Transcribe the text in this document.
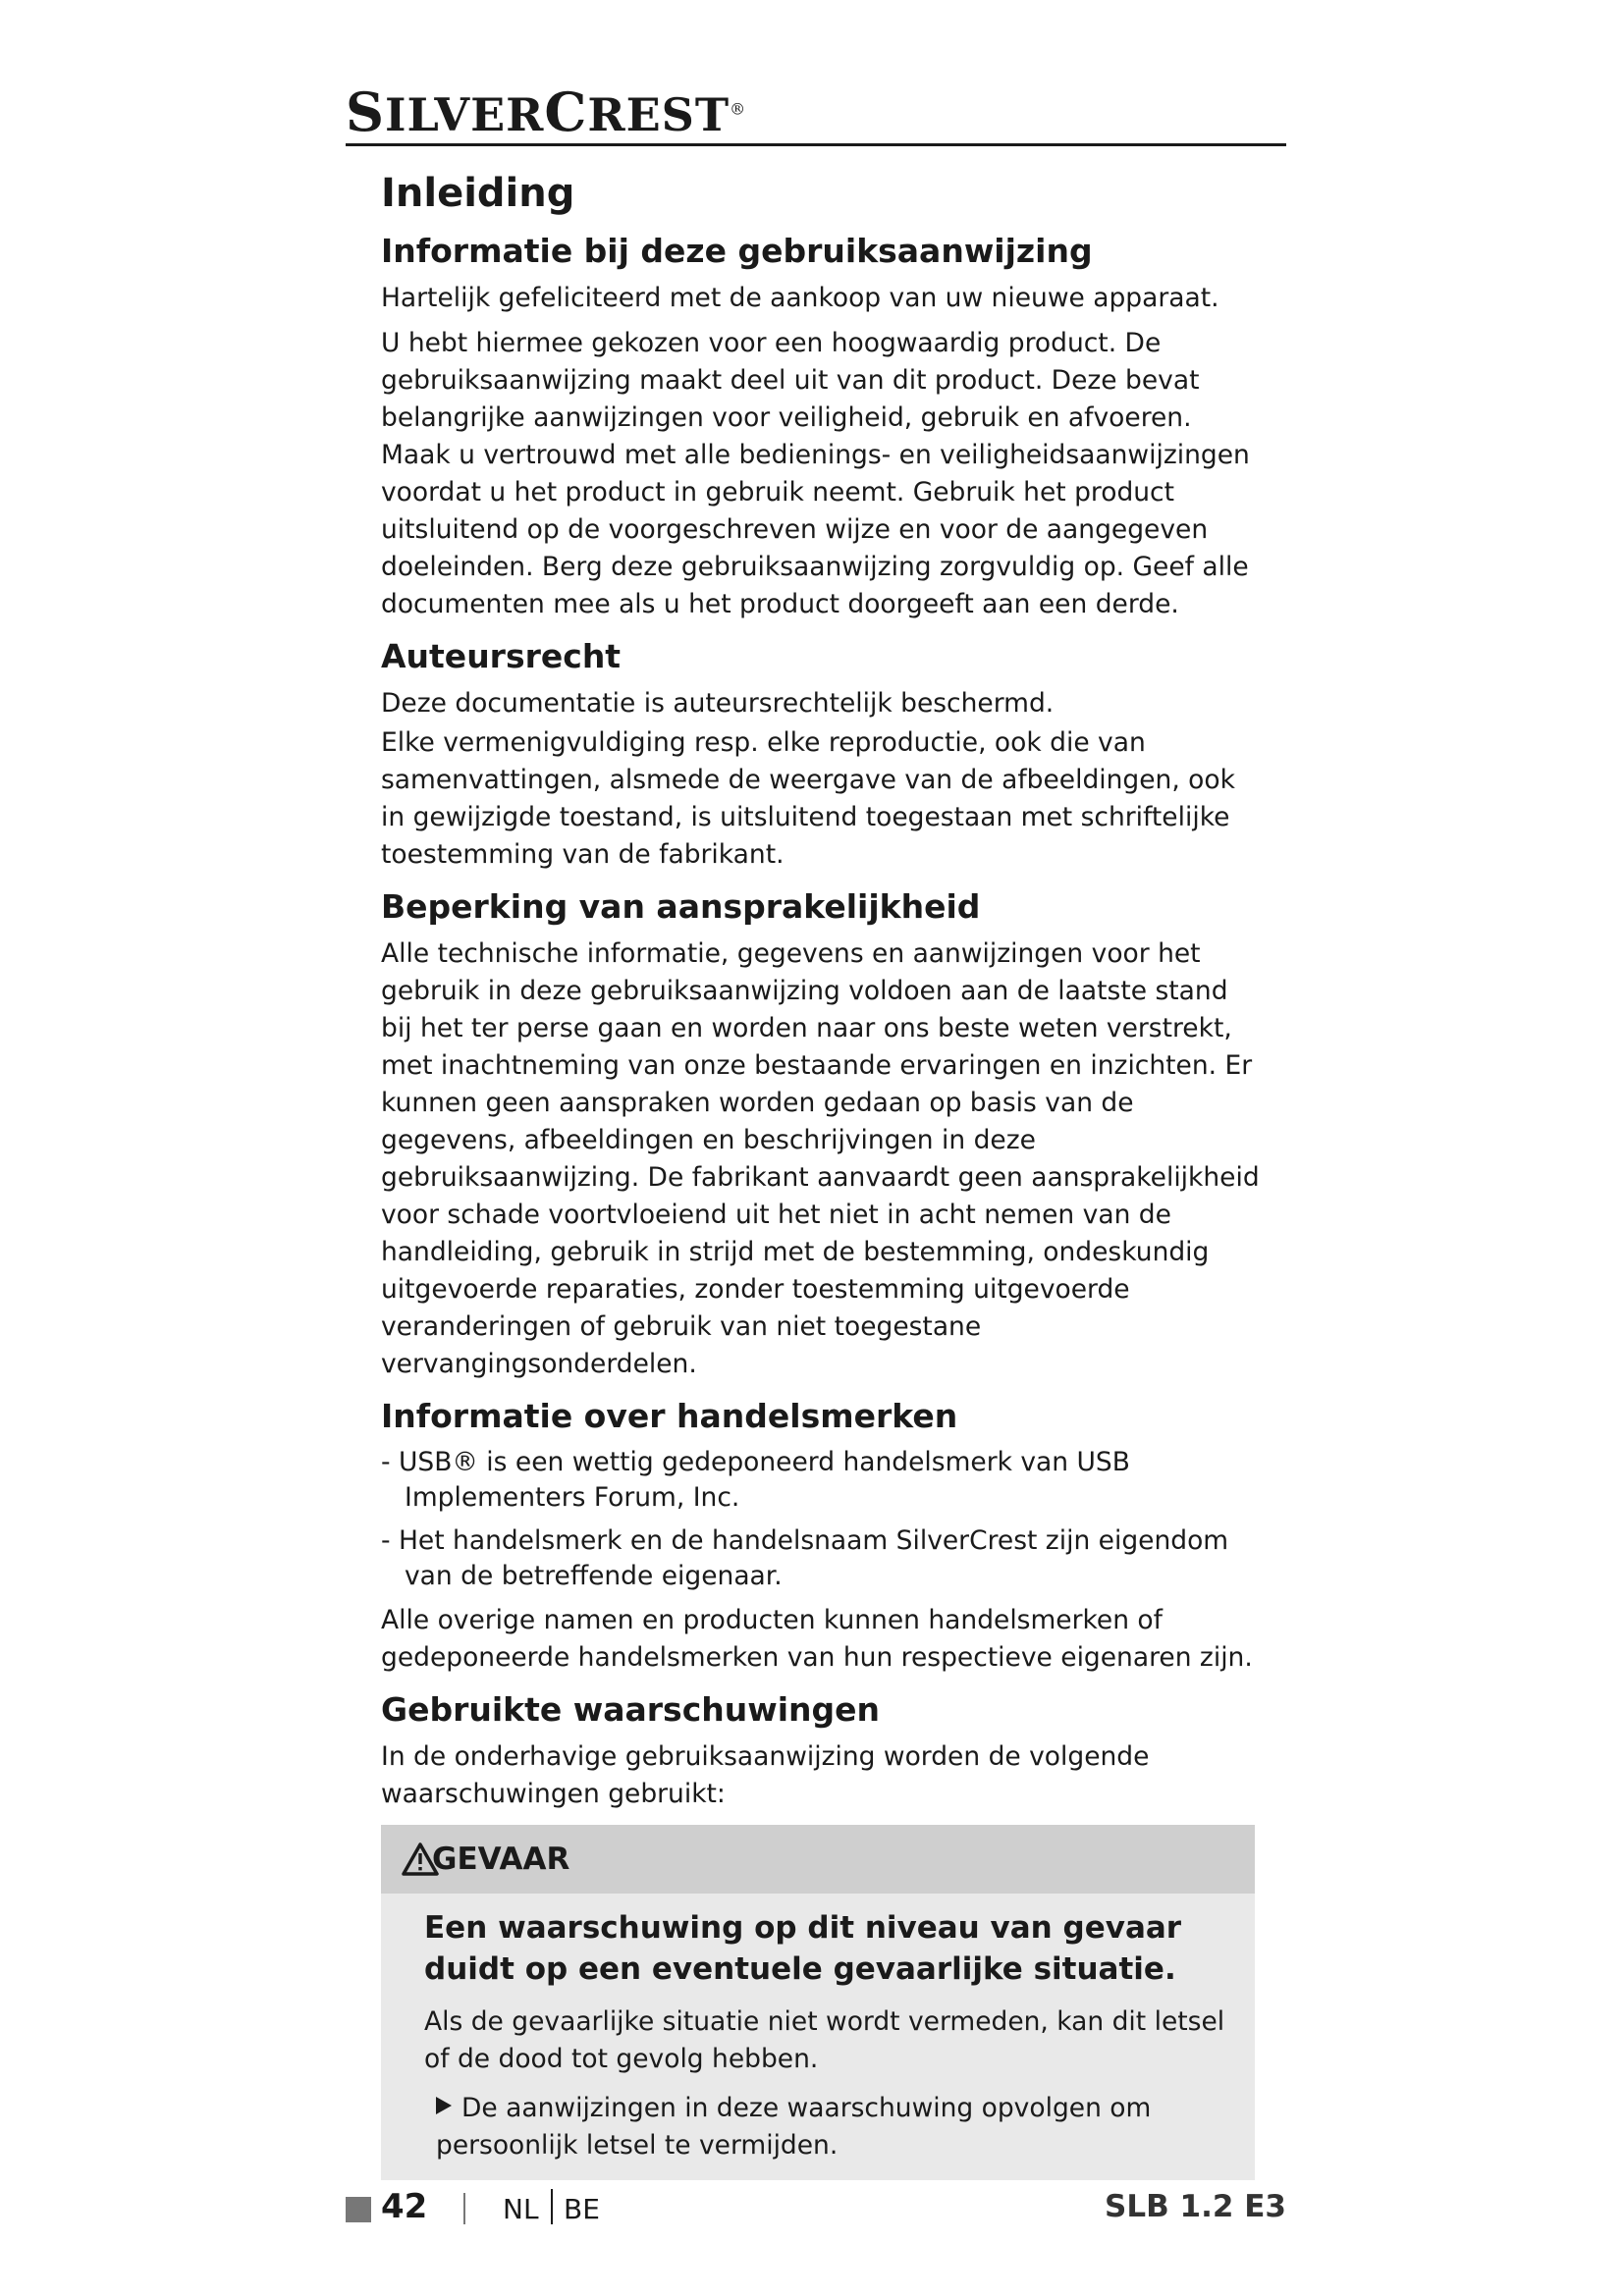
SILVERCREST®
Inleiding
Informatie bij deze gebruiksaanwijzing

Hartelijk gefeliciteerd met de aankoop van uw nieuwe apparaat.

U hebt hiermee gekozen voor een hoogwaardig product. De gebruiksaanwijzing maakt deel uit van dit product. Deze bevat belangrijke aanwijzingen voor veiligheid, gebruik en afvoeren. Maak u vertrouwd met alle bedienings- en veiligheidsaanwijzingen voordat u het product in gebruik neemt. Gebruik het product uitsluitend op de voorgeschreven wijze en voor de aangegeven doeleinden. Berg deze gebruiksaanwijzing zorgvuldig op. Geef alle documenten mee als u het product doorgeeft aan een derde.

Auteursrecht

Deze documentatie is auteursrechtelijk beschermd.

Elke vermenigvuldiging resp. elke reproductie, ook die van samenvattingen, alsmede de weergave van de afbeeldingen, ook in gewijzigde toestand, is uitsluitend toegestaan met schriftelijke toestemming van de fabrikant.

Beperking van aansprakelijkheid

Alle technische informatie, gegevens en aanwijzingen voor het gebruik in deze gebruiksaanwijzing voldoen aan de laatste stand bij het ter perse gaan en worden naar ons beste weten verstrekt, met inachtneming van onze bestaande ervaringen en inzichten. Er kunnen geen aanspraken worden gedaan op basis van de gegevens, afbeeldingen en beschrijvingen in deze gebruiksaanwijzing. De fabrikant aanvaardt geen aansprakelijkheid voor schade voortvloeiend uit het niet in acht nemen van de handleiding, gebruik in strijd met de bestemming, ondeskundig uitgevoerde reparaties, zonder toestemming uitgevoerde veranderingen of gebruik van niet toegestane vervangingsonderdelen.

Informatie over handelsmerken
- USB® is een wettig gedeponeerd handelsmerk van USB Implementers Forum, Inc.
- Het handelsmerk en de handelsnaam SilverCrest zijn eigendom van de betreffende eigenaar.

Alle overige namen en producten kunnen handelsmerken of gedeponeerde handelsmerken van hun respectieve eigenaren zijn.

Gebruikte waarschuwingen

In de onderhavige gebruiksaanwijzing worden de volgende waarschuwingen gebruikt:

GEVAAR
Een waarschuwing op dit niveau van gevaar duidt op een eventuele gevaarlijke situatie.

Als de gevaarlijke situatie niet wordt vermeden, kan dit letsel of de dood tot gevolg hebben.

De aanwijzingen in deze waarschuwing opvolgen om persoonlijk letsel te vermijden.
42	NL BE	SLB 1.2 E3
